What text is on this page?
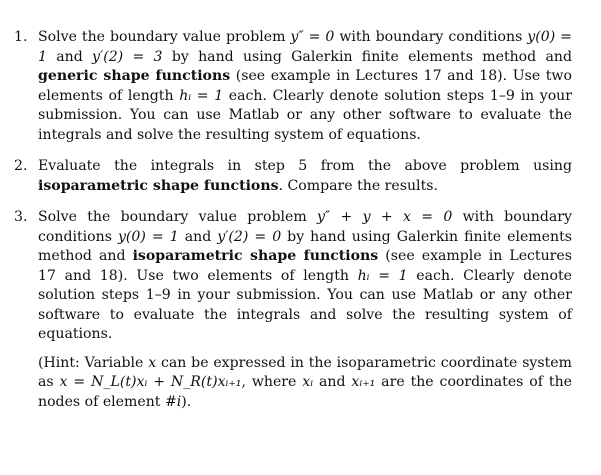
1. Solve the boundary value problem y″ = 0 with boundary conditions y(0) = 1 and y′(2) = 3 by hand using Galerkin finite elements method and generic shape functions (see example in Lectures 17 and 18). Use two elements of length hᵢ = 1 each. Clearly denote solution steps 1–9 in your submission. You can use Matlab or any other software to evaluate the integrals and solve the resulting system of equations.
2. Evaluate the integrals in step 5 from the above problem using isoparametric shape functions. Compare the results.
3. Solve the boundary value problem y″ + y + x = 0 with boundary conditions y(0) = 1 and y′(2) = 0 by hand using Galerkin finite elements method and isoparametric shape functions (see example in Lectures 17 and 18). Use two elements of length hᵢ = 1 each. Clearly denote solution steps 1–9 in your submission. You can use Matlab or any other software to evaluate the integrals and solve the resulting system of equations.
(Hint: Variable x can be expressed in the isoparametric coordinate system as x = N_L(t)xᵢ + N_R(t)xᵢ₊₁, where xᵢ and xᵢ₊₁ are the coordinates of the nodes of element #i).
